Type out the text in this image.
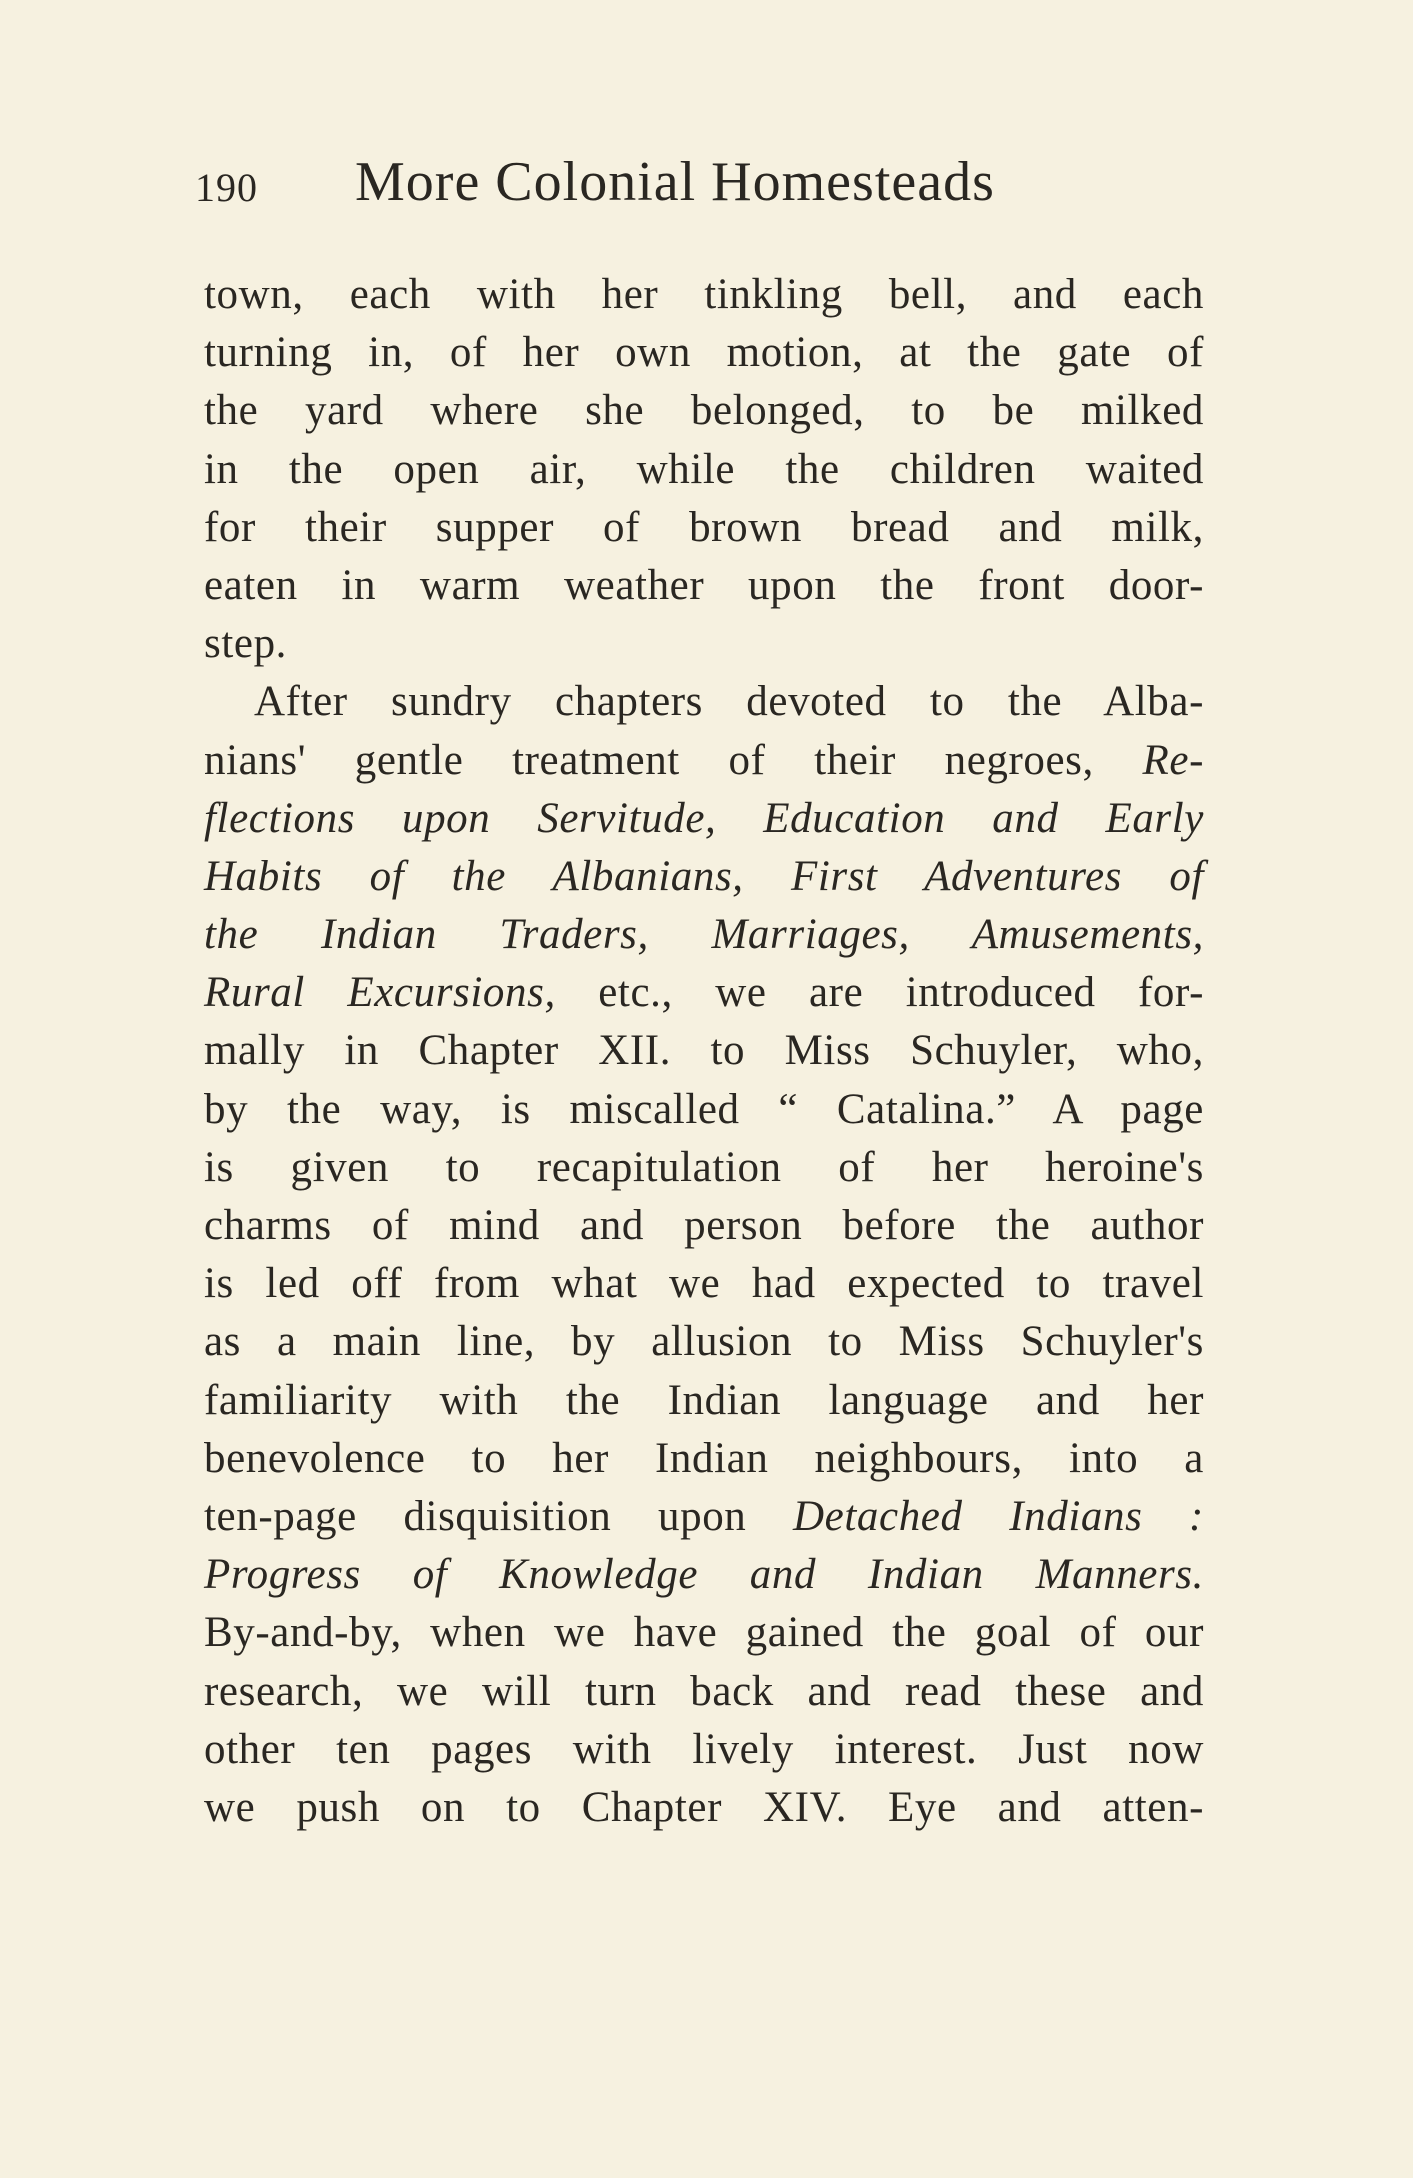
190 More Colonial Homesteads
town, each with her tinkling bell, and each
turning in, of her own motion, at the gate of
the yard where she belonged, to be milked
in the open air, while the children waited
for their supper of brown bread and milk,
eaten in warm weather upon the front door-
step.
After sundry chapters devoted to the Alba-
nians' gentle treatment of their negroes, Re-
flections upon Servitude, Education and Early
Habits of the Albanians, First Adventures of
the Indian Traders, Marriages, Amusements,
Rural Excursions, etc., we are introduced for-
mally in Chapter XII. to Miss Schuyler, who,
by the way, is miscalled “ Catalina.” A page
is given to recapitulation of her heroine's
charms of mind and person before the author
is led off from what we had expected to travel
as a main line, by allusion to Miss Schuyler's
familiarity with the Indian language and her
benevolence to her Indian neighbours, into a
ten-page disquisition upon Detached Indians :
Progress of Knowledge and Indian Manners.
By-and-by, when we have gained the goal of our
research, we will turn back and read these and
other ten pages with lively interest. Just now
we push on to Chapter XIV. Eye and atten-
